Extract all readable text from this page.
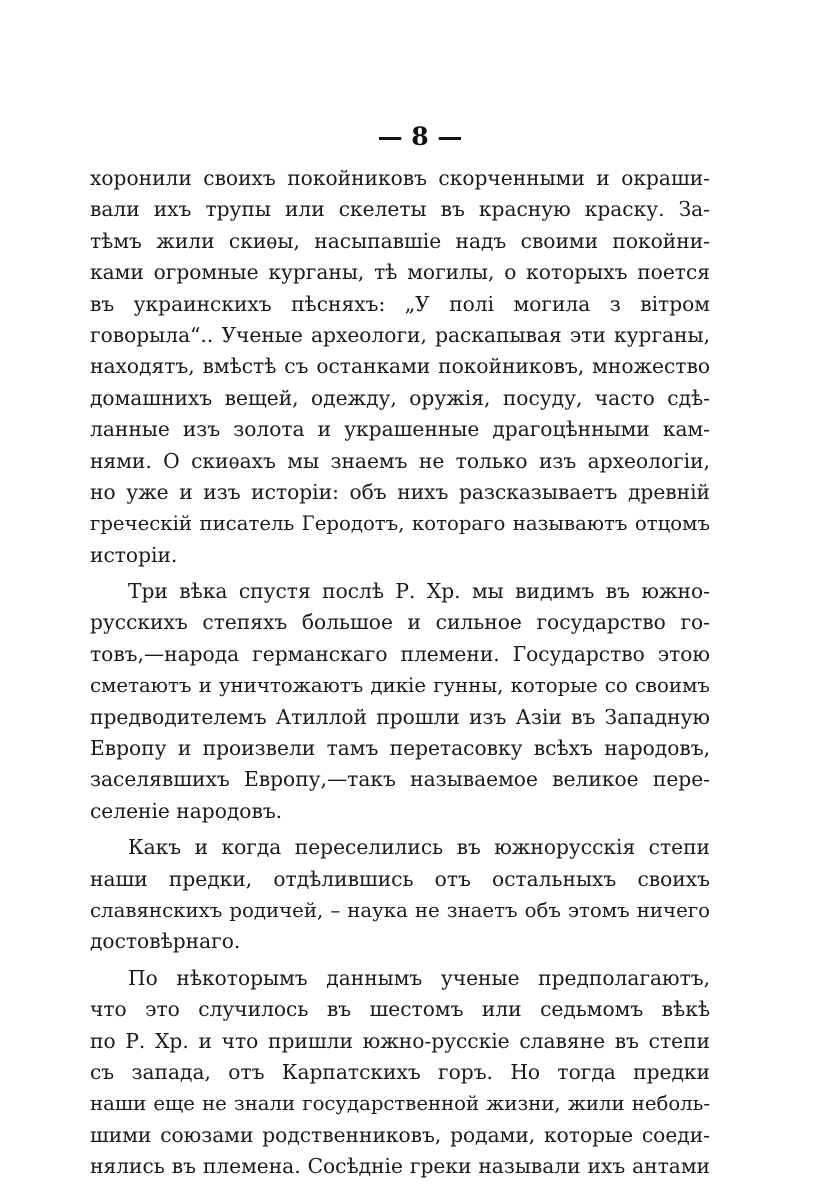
— 8 —
хоронили своихъ покойниковъ скорченными и окраши-
вали ихъ трупы или скелеты въ красную краску. За-
тѣмъ жили скиѳы, насыпавшіе надъ своими покойни-
ками огромные курганы, тѣ могилы, о которыхъ поется
въ украинскихъ пѣсняхъ: „У полі могила з вітром
говорыла“.. Ученые археологи, раскапывая эти курганы,
находятъ, вмѣстѣ съ останками покойниковъ, множество
домашнихъ вещей, одежду, оружія, посуду, часто сдѣ-
ланные изъ золота и украшенные драгоцѣнными кам-
нями. О скиѳахъ мы знаемъ не только изъ археологіи,
но уже и изъ исторіи: объ нихъ разсказываетъ древній
греческій писатель Геродотъ, котораго называютъ отцомъ
исторіи.
Три вѣка спустя послѣ Р. Хр. мы видимъ въ южно-
русскихъ степяхъ большое и сильное государство го-
товъ,—народа германскаго племени. Государство этою
сметаютъ и уничтожаютъ дикіе гунны, которые со своимъ
предводителемъ Атиллой прошли изъ Азіи въ Западную
Европу и произвели тамъ перетасовку всѣхъ народовъ,
заселявшихъ Европу,—такъ называемое великое пере-
селеніе народовъ.
Какъ и когда переселились въ южнорусскія степи
наши предки, отдѣлившись отъ остальныхъ своихъ
славянскихъ родичей, – наука не знаетъ объ этомъ ничего
достовѣрнаго.
По нѣкоторымъ даннымъ ученые предполагаютъ,
что это случилось въ шестомъ или седьмомъ вѣкѣ
по Р. Хр. и что пришли южно-русскіе славяне въ степи
съ запада, отъ Карпатскихъ горъ. Но тогда предки
наши еще не знали государственной жизни, жили неболь-
шими союзами родственниковъ, родами, которые соеди-
нялись въ племена. Сосѣдніе греки называли ихъ антами
